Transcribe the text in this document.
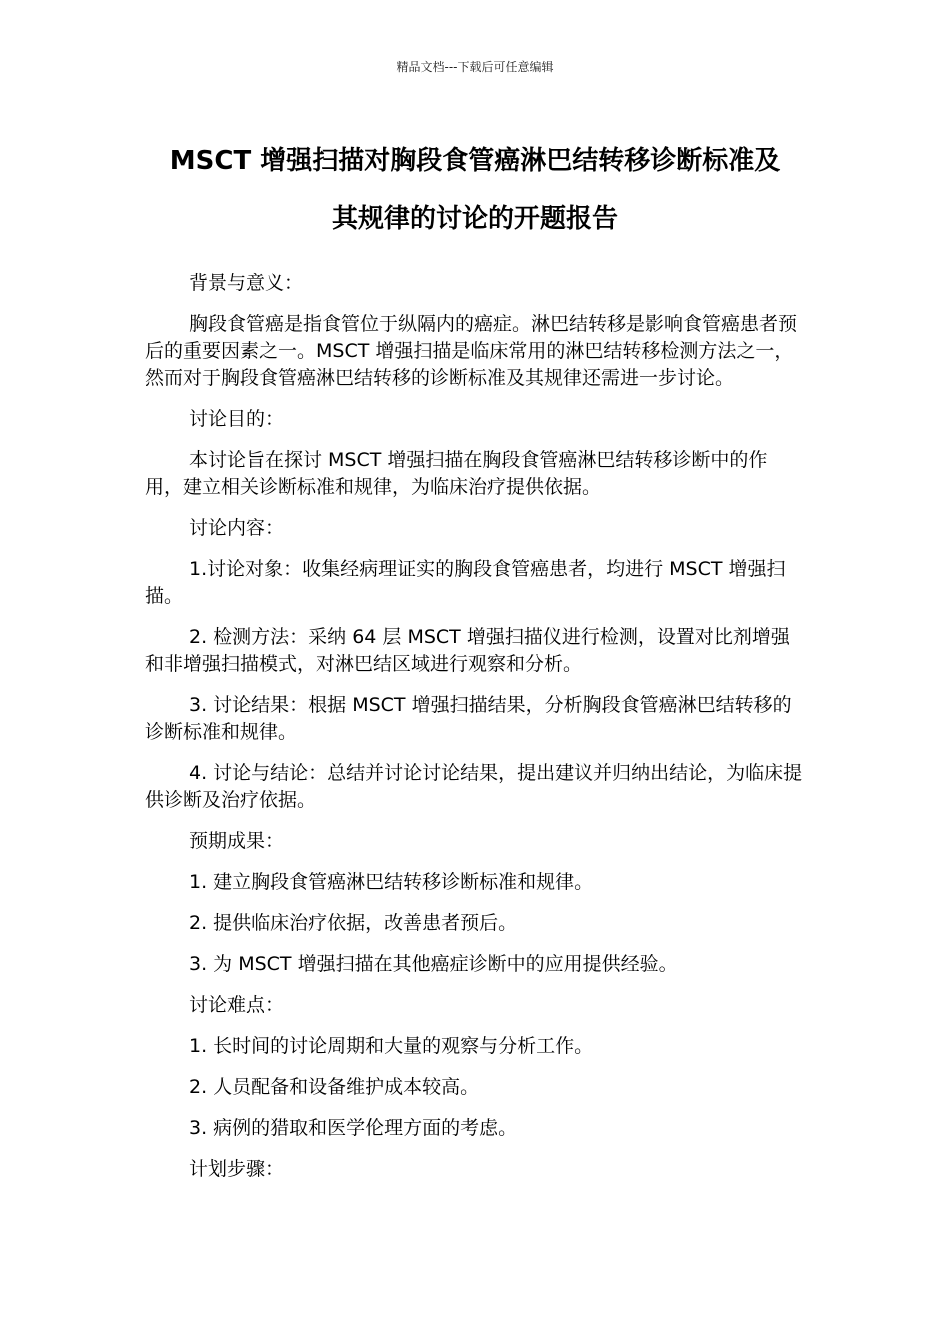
精品文档---下载后可任意编辑
MSCT 增强扫描对胸段食管癌淋巴结转移诊断标准及
其规律的讨论的开题报告

背景与意义：

胸段食管癌是指食管位于纵隔内的癌症。淋巴结转移是影响食管癌患者预后的重要因素之一。MSCT 增强扫描是临床常用的淋巴结转移检测方法之一，然而对于胸段食管癌淋巴结转移的诊断标准及其规律还需进一步讨论。

讨论目的：

本讨论旨在探讨 MSCT 增强扫描在胸段食管癌淋巴结转移诊断中的作用，建立相关诊断标准和规律，为临床治疗提供依据。

讨论内容：

1.讨论对象：收集经病理证实的胸段食管癌患者，均进行 MSCT 增强扫描。

2. 检测方法：采纳 64 层 MSCT 增强扫描仪进行检测，设置对比剂增强和非增强扫描模式，对淋巴结区域进行观察和分析。

3. 讨论结果：根据 MSCT 增强扫描结果，分析胸段食管癌淋巴结转移的诊断标准和规律。

4. 讨论与结论：总结并讨论讨论结果，提出建议并归纳出结论，为临床提供诊断及治疗依据。

预期成果：

1. 建立胸段食管癌淋巴结转移诊断标准和规律。

2. 提供临床治疗依据，改善患者预后。

3. 为 MSCT 增强扫描在其他癌症诊断中的应用提供经验。

讨论难点：

1. 长时间的讨论周期和大量的观察与分析工作。

2. 人员配备和设备维护成本较高。

3. 病例的猎取和医学伦理方面的考虑。

计划步骤：
